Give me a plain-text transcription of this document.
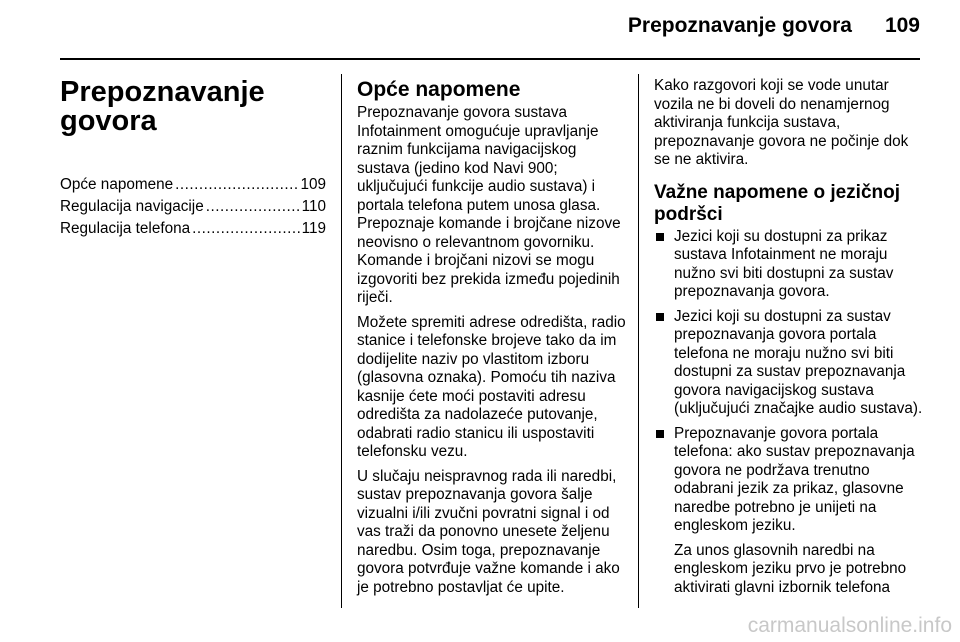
Prepoznavanje govora 109
Prepoznavanje govora
Opće napomene .....	109
Regulacija navigacije .....	110
Regulacija telefona .....	119
Opće napomene

Prepoznavanje govora sustava Infotainment omogućuje upravljanje raznim funkcijama navigacijskog sustava (jedino kod Navi 900; uključujući funkcije audio sustava) i portala telefona putem unosa glasa. Prepoznaje komande i brojčane nizove neovisno o relevantnom govorniku. Komande i brojčani nizovi se mogu izgovoriti bez prekida između pojedinih riječi.

Možete spremiti adrese odredišta, radio stanice i telefonske brojeve tako da im dodijelite naziv po vlastitom izboru (glasovna oznaka). Pomoću tih naziva kasnije ćete moći postaviti adresu odredišta za nadolazeće putovanje, odabrati radio stanicu ili uspostaviti telefonsku vezu.

U slučaju neispravnog rada ili naredbi, sustav prepoznavanja govora šalje vizualni i/ili zvučni povratni signal i od vas traži da ponovno unesete željenu naredbu. Osim toga, prepoznavanje govora potvrđuje važne komande i ako je potrebno postavljat će upite.

Kako razgovori koji se vode unutar vozila ne bi doveli do nenamjernog aktiviranja funkcija sustava, prepoznavanje govora ne počinje dok se ne aktivira.

Važne napomene o jezičnoj podršci
Jezici koji su dostupni za prikaz sustava Infotainment ne moraju nužno svi biti dostupni za sustav prepoznavanja govora.
Jezici koji su dostupni za sustav prepoznavanja govora portala telefona ne moraju nužno svi biti dostupni za sustav prepoznavanja govora navigacijskog sustava (uključujući značajke audio sustava).
Prepoznavanje govora portala telefona: ako sustav prepoznavanja govora ne podržava trenutno odabrani jezik za prikaz, glasovne naredbe potrebno je unijeti na engleskom jeziku.

Za unos glasovnih naredbi na engleskom jeziku prvo je potrebno aktivirati glavni izbornik telefona

carmanualsonline.info
